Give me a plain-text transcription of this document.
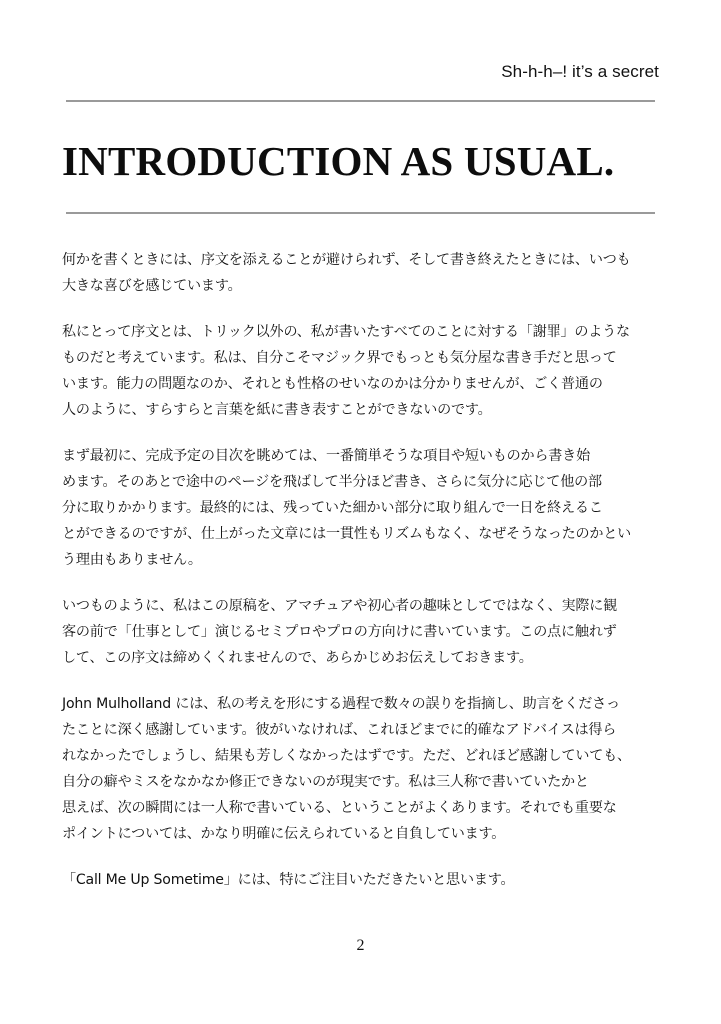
Sh-h-h–! it’s a secret
INTRODUCTION AS USUAL.

何かを書くときには、序文を添えることが避けられず、そして書き終えたときには、いつも
大きな喜びを感じています。

私にとって序文とは、トリック以外の、私が書いたすべてのことに対する「謝罪」のような
ものだと考えています。私は、自分こそマジック界でもっとも気分屋な書き手だと思って
います。能力の問題なのか、それとも性格のせいなのかは分かりませんが、ごく普通の
人のように、すらすらと言葉を紙に書き表すことができないのです。

まず最初に、完成予定の目次を眺めては、一番簡単そうな項目や短いものから書き始
めます。そのあとで途中のページを飛ばして半分ほど書き、さらに気分に応じて他の部
分に取りかかります。最終的には、残っていた細かい部分に取り組んで一日を終えるこ
とができるのですが、仕上がった文章には一貫性もリズムもなく、なぜそうなったのかとい
う理由もありません。

いつものように、私はこの原稿を、アマチュアや初心者の趣味としてではなく、実際に観
客の前で「仕事として」演じるセミプロやプロの方向けに書いています。この点に触れず
して、この序文は締めくくれませんので、あらかじめお伝えしておきます。

John Mulholland には、私の考えを形にする過程で数々の誤りを指摘し、助言をくださっ
たことに深く感謝しています。彼がいなければ、これほどまでに的確なアドバイスは得ら
れなかったでしょうし、結果も芳しくなかったはずです。ただ、どれほど感謝していても、
自分の癖やミスをなかなか修正できないのが現実です。私は三人称で書いていたかと
思えば、次の瞬間には一人称で書いている、ということがよくあります。それでも重要な
ポイントについては、かなり明確に伝えられていると自負しています。

「Call Me Up Sometime」には、特にご注目いただきたいと思います。

2
